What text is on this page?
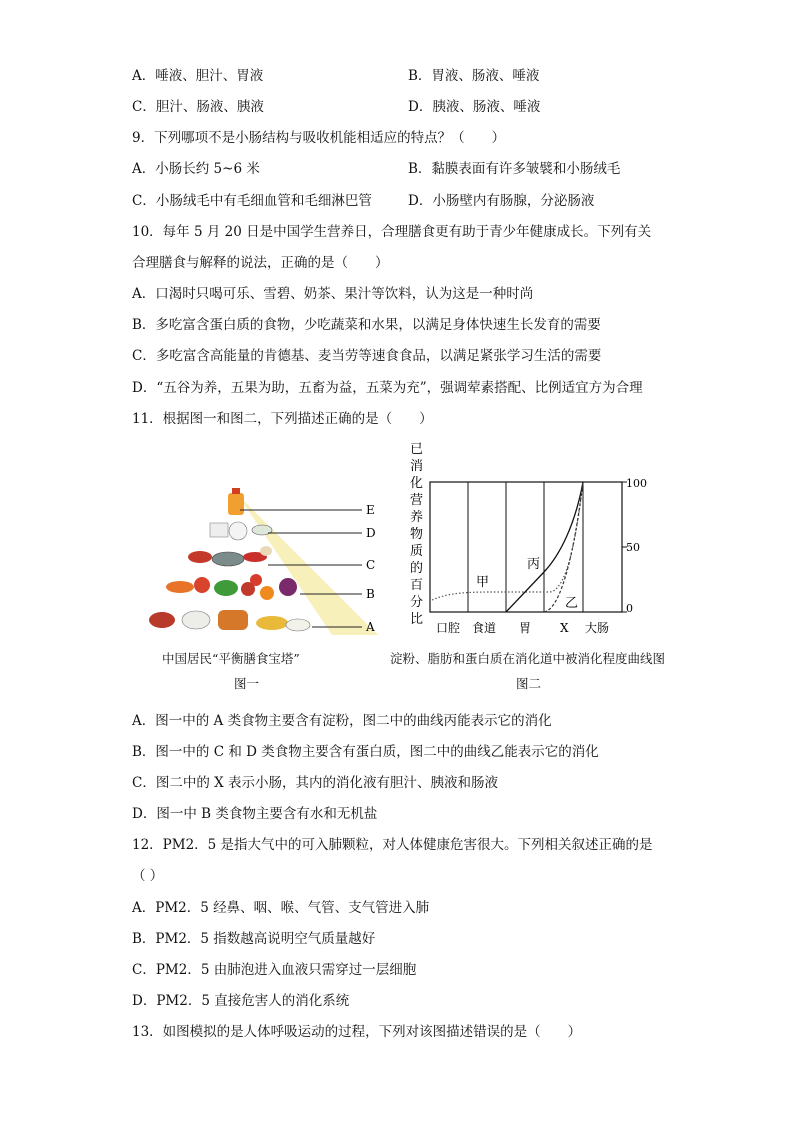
A．唾液、胆汁、胃液	B．胃液、肠液、唾液
C．胆汁、肠液、胰液	D．胰液、肠液、唾液
9．下列哪项不是小肠结构与吸收机能相适应的特点？（　　）
A．小肠长约 5~6 米	B．黏膜表面有许多皱襞和小肠绒毛
C．小肠绒毛中有毛细血管和毛细淋巴管	D．小肠壁内有肠腺，分泌肠液
10．每年 5 月 20 日是中国学生营养日，合理膳食更有助于青少年健康成长。下列有关
合理膳食与解释的说法，正确的是（　　）
A．口渴时只喝可乐、雪碧、奶茶、果汁等饮料，认为这是一种时尚
B．多吃富含蛋白质的食物，少吃蔬菜和水果，以满足身体快速生长发育的需要
C．多吃富含高能量的肯德基、麦当劳等速食食品，以满足紧张学习生活的需要
D．“五谷为养，五果为助，五畜为益，五菜为充”，强调荤素搭配、比例适宜方为合理
11．根据图一和图二，下列描述正确的是（　　）
E
D
C
B
A
中国居民“平衡膳食宝塔”
图一
已
消
化
营
养
物
质
的
百
分
比
100
50
0
甲
丙
乙
口腔 食道 胃 X 大肠
淀粉、脂肪和蛋白质在消化道中被消化程度曲线图
图二
A．图一中的 A 类食物主要含有淀粉，图二中的曲线丙能表示它的消化
B．图一中的 C 和 D 类食物主要含有蛋白质，图二中的曲线乙能表示它的消化
C．图二中的 X 表示小肠，其内的消化液有胆汁、胰液和肠液
D．图一中 B 类食物主要含有水和无机盐
12．PM2．5 是指大气中的可入肺颗粒，对人体健康危害很大。下列相关叙述正确的是
（ ）
A．PM2．5 经鼻、咽、喉、气管、支气管进入肺
B．PM2．5 指数越高说明空气质量越好
C．PM2．5 由肺泡进入血液只需穿过一层细胞
D．PM2．5 直接危害人的消化系统
13．如图模拟的是人体呼吸运动的过程，下列对该图描述错误的是（　　）
